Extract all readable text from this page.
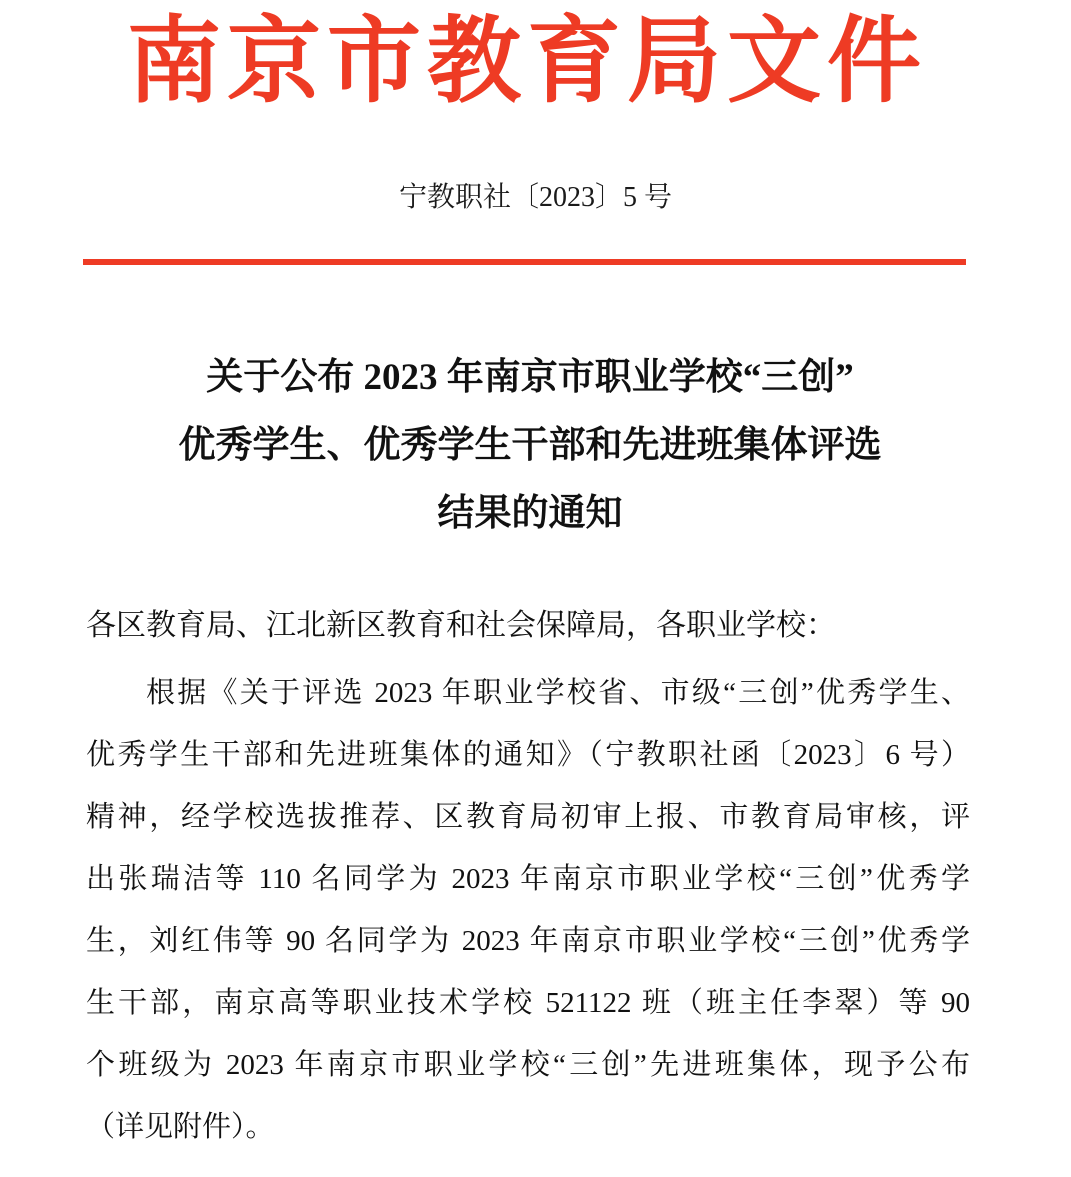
南京市教育局文件
宁教职社〔2023〕5 号
关于公布 2023 年南京市职业学校“三创”
优秀学生、优秀学生干部和先进班集体评选
结果的通知
各区教育局、江北新区教育和社会保障局，各职业学校：
根据《关于评选 2023 年职业学校省、市级“三创”优秀学生、
优秀学生干部和先进班集体的通知》（宁教职社函〔2023〕6 号）
精神，经学校选拔推荐、区教育局初审上报、市教育局审核，评
出张瑞洁等 110 名同学为 2023 年南京市职业学校“三创”优秀学
生，刘红伟等 90 名同学为 2023 年南京市职业学校“三创”优秀学
生干部，南京高等职业技术学校 521122 班（班主任李翠）等 90
个班级为 2023 年南京市职业学校“三创”先进班集体，现予公布
（详见附件）。
